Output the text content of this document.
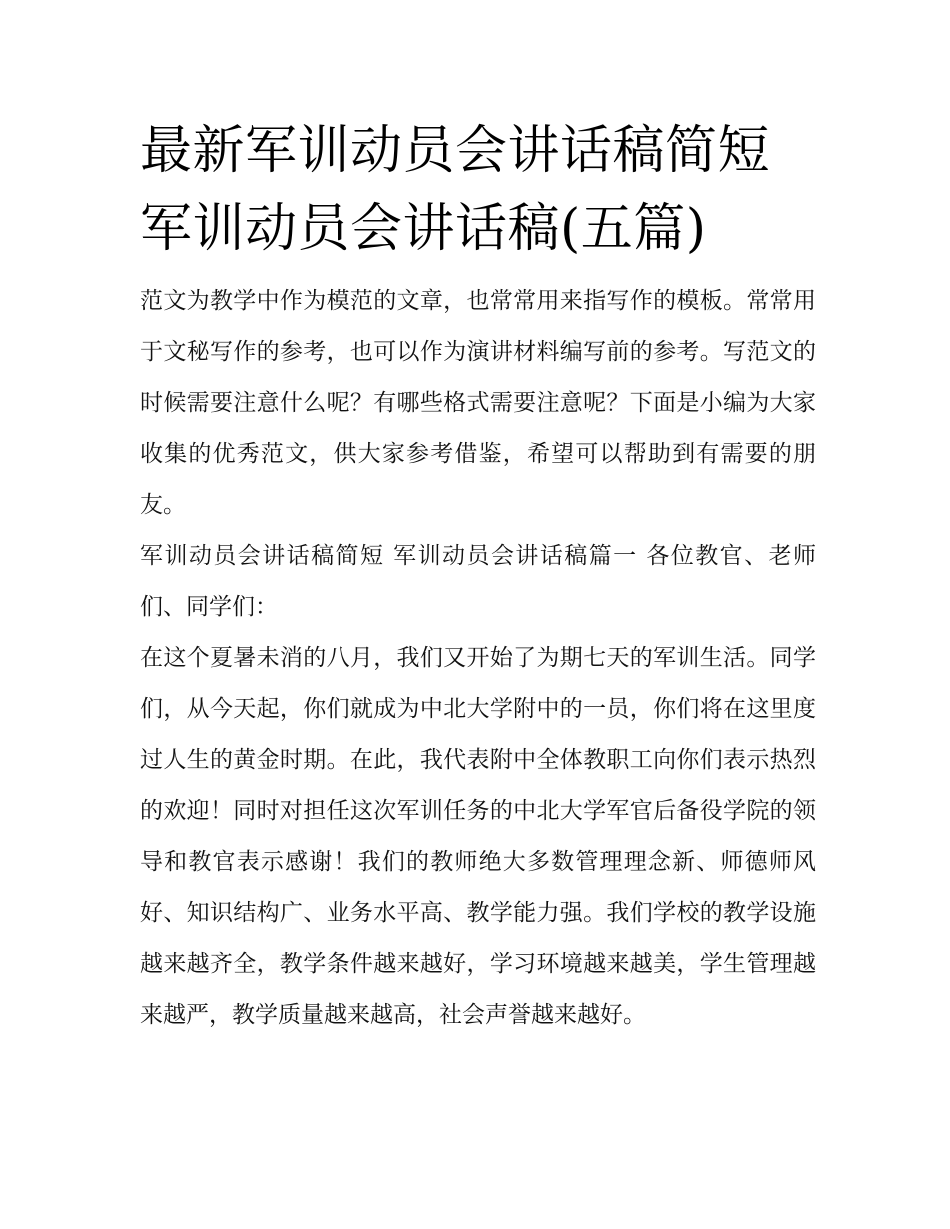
最新军训动员会讲话稿简短 军训动员会讲话稿(五篇)

范文为教学中作为模范的文章，也常常用来指写作的模板。常常用于文秘写作的参考，也可以作为演讲材料编写前的参考。写范文的时候需要注意什么呢？有哪些格式需要注意呢？下面是小编为大家收集的优秀范文，供大家参考借鉴，希望可以帮助到有需要的朋友。

军训动员会讲话稿简短 军训动员会讲话稿篇一 各位教官、老师们、同学们：

在这个夏暑未消的八月，我们又开始了为期七天的军训生活。同学们，从今天起，你们就成为中北大学附中的一员，你们将在这里度过人生的黄金时期。在此，我代表附中全体教职工向你们表示热烈的欢迎！同时对担任这次军训任务的中北大学军官后备役学院的领导和教官表示感谢！我们的教师绝大多数管理理念新、师德师风好、知识结构广、业务水平高、教学能力强。我们学校的教学设施越来越齐全，教学条件越来越好，学习环境越来越美，学生管理越来越严，教学质量越来越高，社会声誉越来越好。
